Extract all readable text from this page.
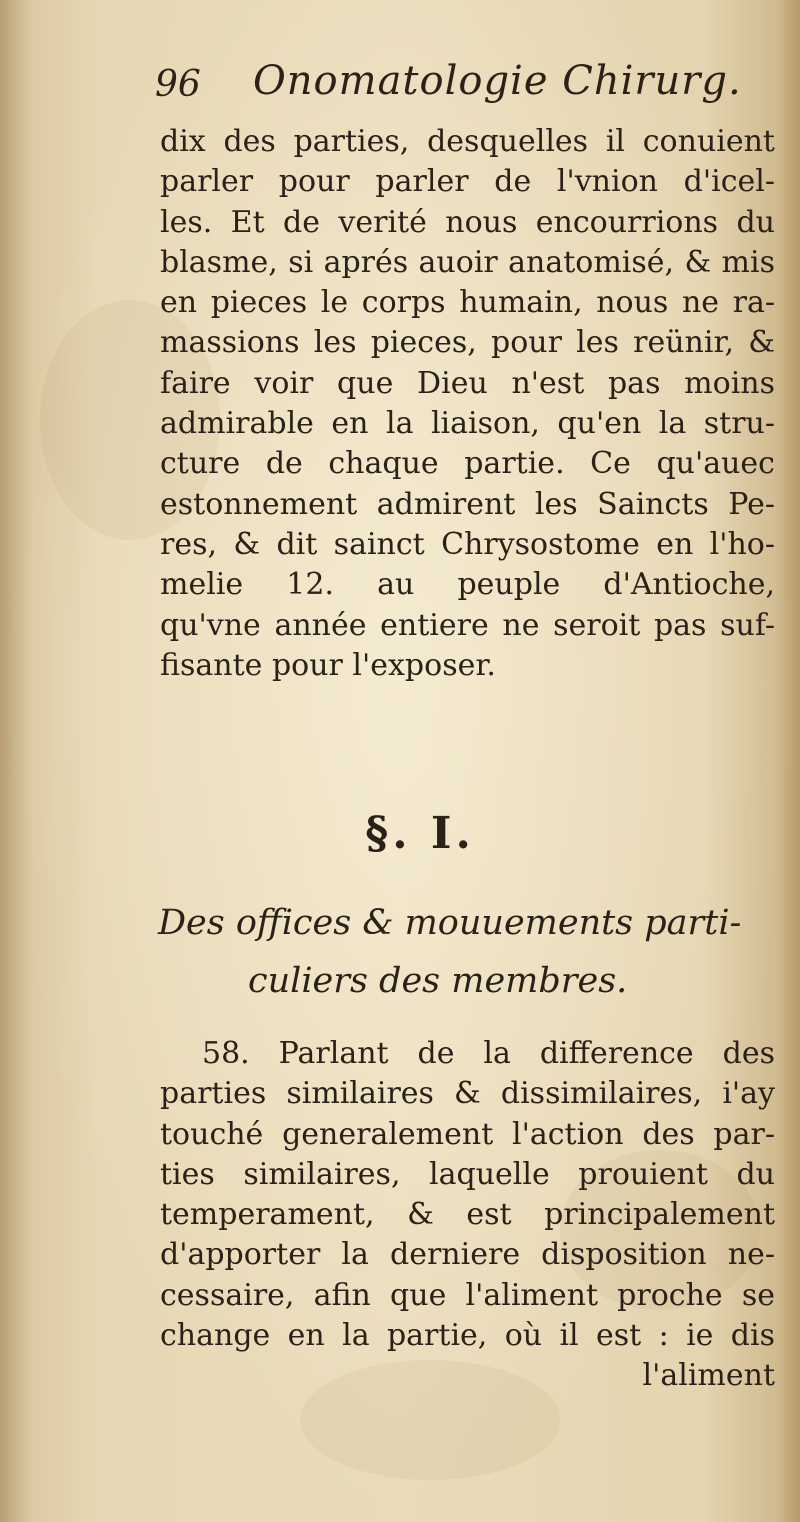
96 Onomatologie Chirurg.
dix des parties, desquelles il conuient
parler pour parler de l'vnion d'icel-
les. Et de verité nous encourrions du
blasme, si aprés auoir anatomisé, & mis
en pieces le corps humain, nous ne ra-
massions les pieces, pour les reünir, &
faire voir que Dieu n'est pas moins
admirable en la liaison, qu'en la stru-
cture de chaque partie. Ce qu'auec
estonnement admirent les Saincts Pe-
res, & dit sainct Chrysostome en l'ho-
melie 12. au peuple d'Antioche,
qu'vne année entiere ne seroit pas suf-
fisante pour l'exposer.
§. I.
Des offices & mouuements parti-
culiers des membres.
58. Parlant de la difference des
parties similaires & dissimilaires, i'ay
touché generalement l'action des par-
ties similaires, laquelle prouient du
temperament, & est principalement
d'apporter la derniere disposition ne-
cessaire, afin que l'aliment proche se
change en la partie, où il est : ie dis
l'aliment
